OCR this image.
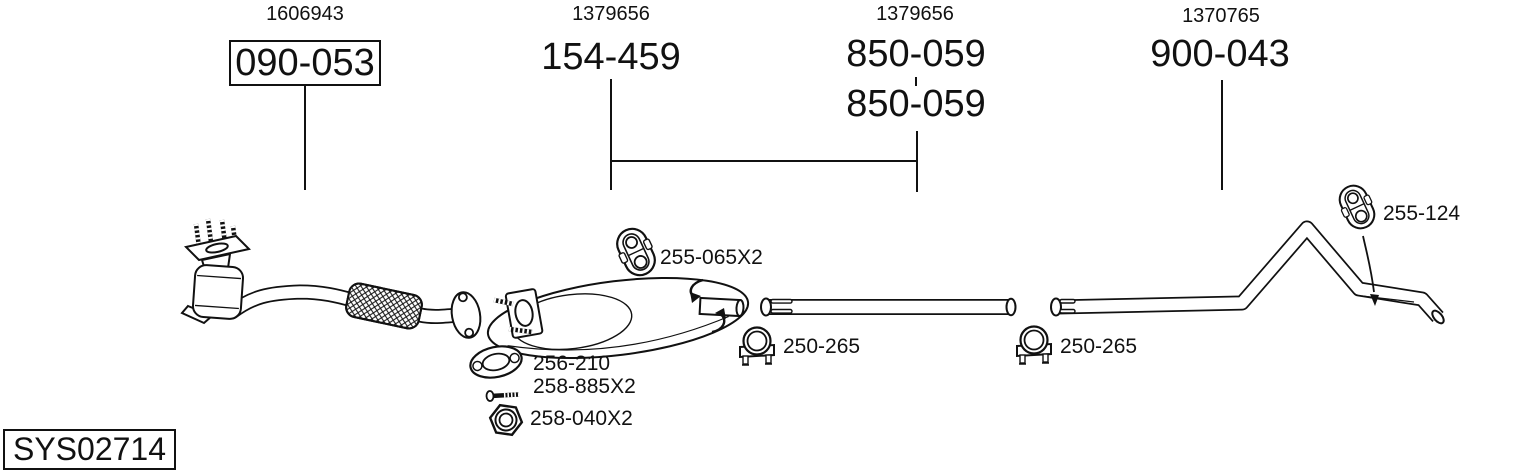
1606943
090-053
1379656
154-459
1379656
850-059
850-059
1370765
900-043
255-065X2
256-210
258-885X2
258-040X2
250-265	250-265
255-124
SYS02714
